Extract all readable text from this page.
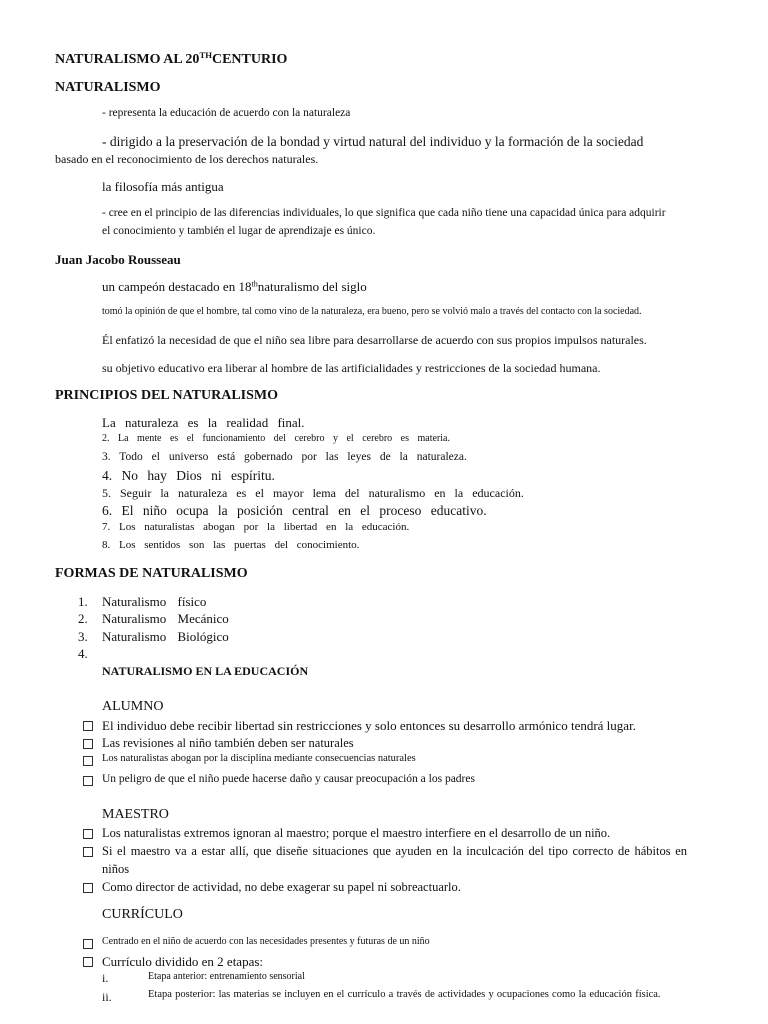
NATURALISMO AL 20THCENTURIO
NATURALISMO
- representa la educación de acuerdo con la naturaleza
- dirigido a la preservación de la bondad y virtud natural del individuo y la formación de la sociedad
basado en el reconocimiento de los derechos naturales.
la filosofía más antigua
- cree en el principio de las diferencias individuales, lo que significa que cada niño tiene una capacidad única para adquirir
el conocimiento y también el lugar de aprendizaje es único.
Juan Jacobo Rousseau
un campeón destacado en 18thnaturalismo del siglo
tomó la opinión de que el hombre, tal como vino de la naturaleza, era bueno, pero se volvió malo a través del contacto con la sociedad.
Él enfatizó la necesidad de que el niño sea libre para desarrollarse de acuerdo con sus propios impulsos naturales.
su objetivo educativo era liberar al hombre de las artificialidades y restricciones de la sociedad humana.
PRINCIPIOS DEL NATURALISMO
La naturaleza es la realidad final.
2. La mente es el funcionamiento del cerebro y el cerebro es materia.
3. Todo el universo está gobernado por las leyes de la naturaleza.
4. No hay Dios ni espíritu.
5. Seguir la naturaleza es el mayor lema del naturalismo en la educación.
6. El niño ocupa la posición central en el proceso educativo.
7. Los naturalistas abogan por la libertad en la educación.
8. Los sentidos son las puertas del conocimiento.
FORMAS DE NATURALISMO
1. Naturalismo físico
2. Naturalismo Mecánico
3. Naturalismo Biológico
4.
NATURALISMO EN LA EDUCACIÓN
ALUMNO
El individuo debe recibir libertad sin restricciones y solo entonces su desarrollo armónico tendrá lugar.
Las revisiones al niño también deben ser naturales
Los naturalistas abogan por la disciplina mediante consecuencias naturales
Un peligro de que el niño puede hacerse daño y causar preocupación a los padres
MAESTRO
Los naturalistas extremos ignoran al maestro; porque el maestro interfiere en el desarrollo de un niño.
Si el maestro va a estar allí, que diseñe situaciones que ayuden en la inculcación del tipo correcto de hábitos en
niños
Como director de actividad, no debe exagerar su papel ni sobreactuarlo.
CURRÍCULO
Centrado en el niño de acuerdo con las necesidades presentes y futuras de un niño
Currículo dividido en 2 etapas:
i.	Etapa anterior: entrenamiento sensorial
ii.	Etapa posterior: las materias se incluyen en el currículo a través de actividades y ocupaciones como la educación física.
